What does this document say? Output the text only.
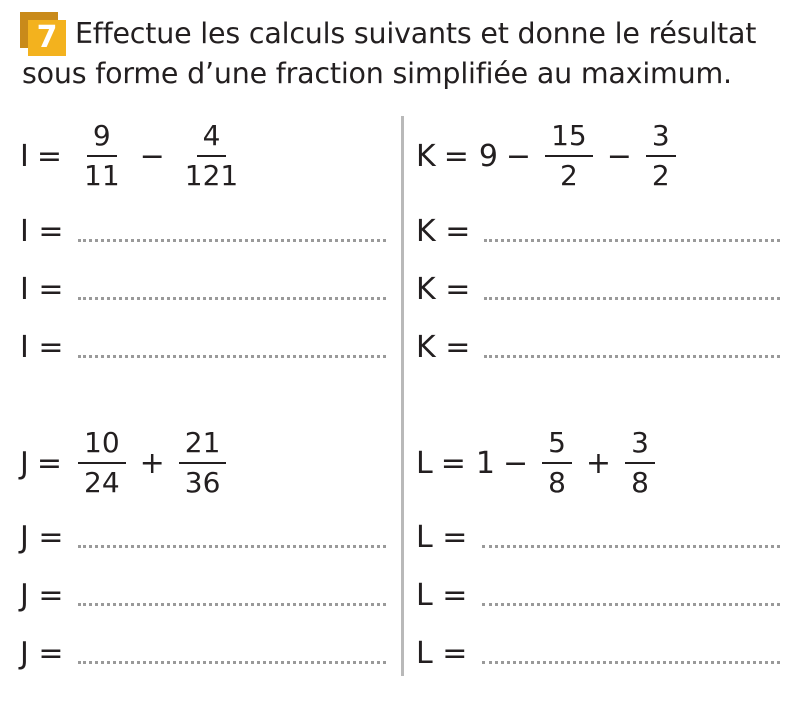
7 Effectue les calculs suivants et donne le résultat
sous forme d’une fraction simplifiée au maximum.
$I = \frac{9}{11} - \frac{4}{121}$
I =
I =
I =
$K = 9 - \frac{15}{2} - \frac{3}{2}$
K =
K =
K =
$J = \frac{10}{24} + \frac{21}{36}$
J =
J =
J =
$L = 1 - \frac{5}{8} + \frac{3}{8}$
L =
L =
L =
